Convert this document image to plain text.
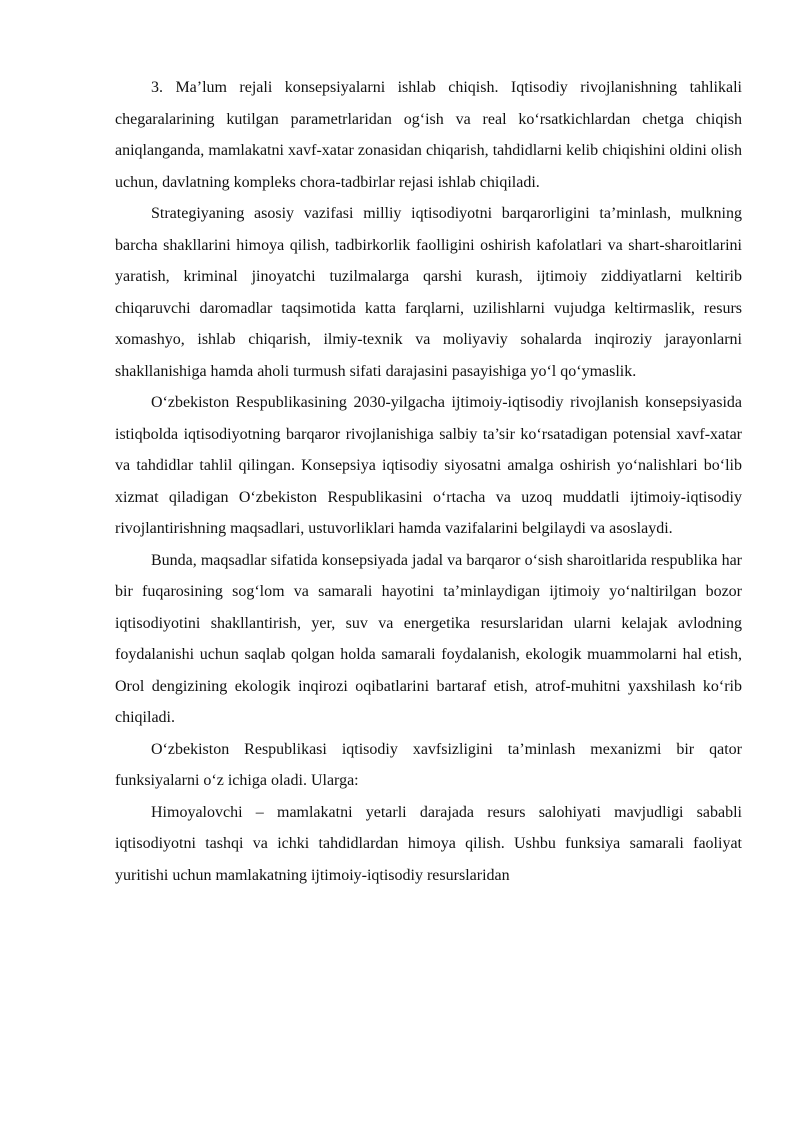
3. Ma’lum rejali konsepsiyalarni ishlab chiqish. Iqtisodiy rivojlanishning tahlikali chegaralarining kutilgan parametrlaridan og‘ish va real ko‘rsatkichlardan chetga chiqish aniqlanganda, mamlakatni xavf-xatar zonasidan chiqarish, tahdidlarni kelib chiqishini oldini olish uchun, davlatning kompleks chora-tadbirlar rejasi ishlab chiqiladi.

Strategiyaning asosiy vazifasi milliy iqtisodiyotni barqarorligini ta’minlash, mulkning barcha shakllarini himoya qilish, tadbirkorlik faolligini oshirish kafolatlari va shart-sharoitlarini yaratish, kriminal jinoyatchi tuzilmalarga qarshi kurash, ijtimoiy ziddiyatlarni keltirib chiqaruvchi daromadlar taqsimotida katta farqlarni, uzilishlarni vujudga keltirmaslik, resurs xomashyo, ishlab chiqarish, ilmiy-texnik va moliyaviy sohalarda inqiroziy jarayonlarni shakllanishiga hamda aholi turmush sifati darajasini pasayishiga yo‘l qo‘ymaslik.

O‘zbekiston Respublikasining 2030-yilgacha ijtimoiy-iqtisodiy rivojlanish konsepsiyasida istiqbolda iqtisodiyotning barqaror rivojlanishiga salbiy ta’sir ko‘rsatadigan potensial xavf-xatar va tahdidlar tahlil qilingan. Konsepsiya iqtisodiy siyosatni amalga oshirish yo‘nalishlari bo‘lib xizmat qiladigan O‘zbekiston Respublikasini o‘rtacha va uzoq muddatli ijtimoiy-iqtisodiy rivojlantirishning maqsadlari, ustuvorliklari hamda vazifalarini belgilaydi va asoslaydi.

Bunda, maqsadlar sifatida konsepsiyada jadal va barqaror o‘sish sharoitlarida respublika har bir fuqarosining sog‘lom va samarali hayotini ta’minlaydigan ijtimoiy yo‘naltirilgan bozor iqtisodiyotini shakllantirish, yer, suv va energetika resurslaridan ularni kelajak avlodning foydalanishi uchun saqlab qolgan holda samarali foydalanish, ekologik muammolarni hal etish, Orol dengizining ekologik inqirozi oqibatlarini bartaraf etish, atrof-muhitni yaxshilash ko‘rib chiqiladi.

O‘zbekiston Respublikasi iqtisodiy xavfsizligini ta’minlash mexanizmi bir qator funksiyalarni o‘z ichiga oladi. Ularga:

Himoyalovchi – mamlakatni yetarli darajada resurs salohiyati mavjudligi sababli iqtisodiyotni tashqi va ichki tahdidlardan himoya qilish. Ushbu funksiya samarali faoliyat yuritishi uchun mamlakatning ijtimoiy-iqtisodiy resurslaridan
